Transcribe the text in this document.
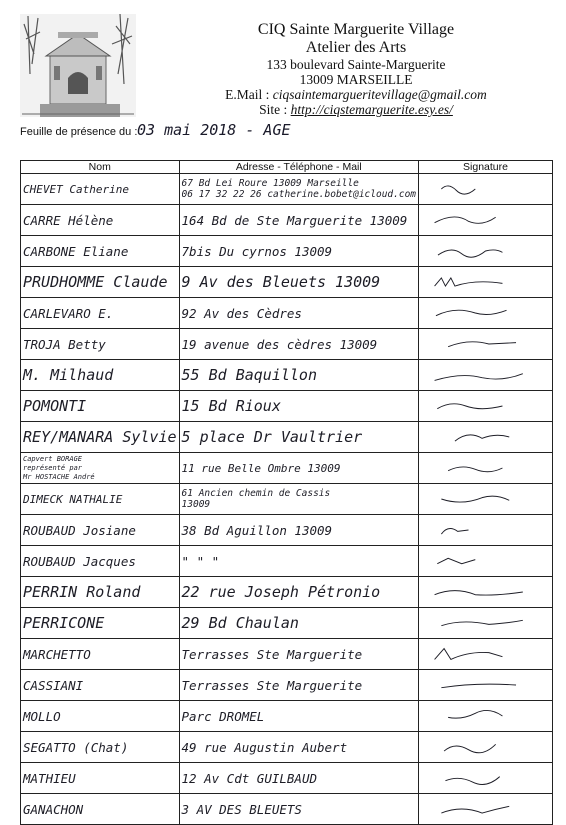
CIQ Sainte Marguerite Village
Atelier des Arts
133 boulevard Sainte-Marguerite
13009 MARSEILLE
E.Mail : ciqsaintemargueritevillage@gmail.com
Site : http://ciqstemarguerite.esy.es/
Feuille de présence du : 03 mai 2018 - AGE
Nom	Adresse - Téléphone - Mail	Signature

CHEVET Catherine	67 Bd Lei Roure 13009 Marseille
06 17 32 22 26 catherine.bobet@icloud.com

CARRE Hélène	164 Bd de Ste Marguerite 13009

CARBONE Eliane	7bis Du cyrnos 13009

PRUDHOMME Claude	9 Av des Bleuets 13009

CARLEVARO E.	92 Av des Cèdres

TROJA Betty	19 avenue des cèdres 13009

M. Milhaud	55 Bd Baquillon

POMONTI	15 Bd Rioux

REY/MANARA Sylvie	5 place Dr Vaultrier

Capvert BORAGE
représenté par
Mr HOSTACHE André	11 rue Belle Ombre 13009

DIMECK NATHALIE	61 Ancien chemin de Cassis
13009

ROUBAUD Josiane	38 Bd Aguillon 13009

ROUBAUD Jacques	" " "

PERRIN Roland	22 rue Joseph Pétronio

PERRICONE	29 Bd Chaulan

MARCHETTO	Terrasses Ste Marguerite

CASSIANI	Terrasses Ste Marguerite

MOLLO	Parc DROMEL

SEGATTO (Chat)	49 rue Augustin Aubert

MATHIEU	12 Av Cdt GUILBAUD

GANACHON	3 AV DES BLEUETS
